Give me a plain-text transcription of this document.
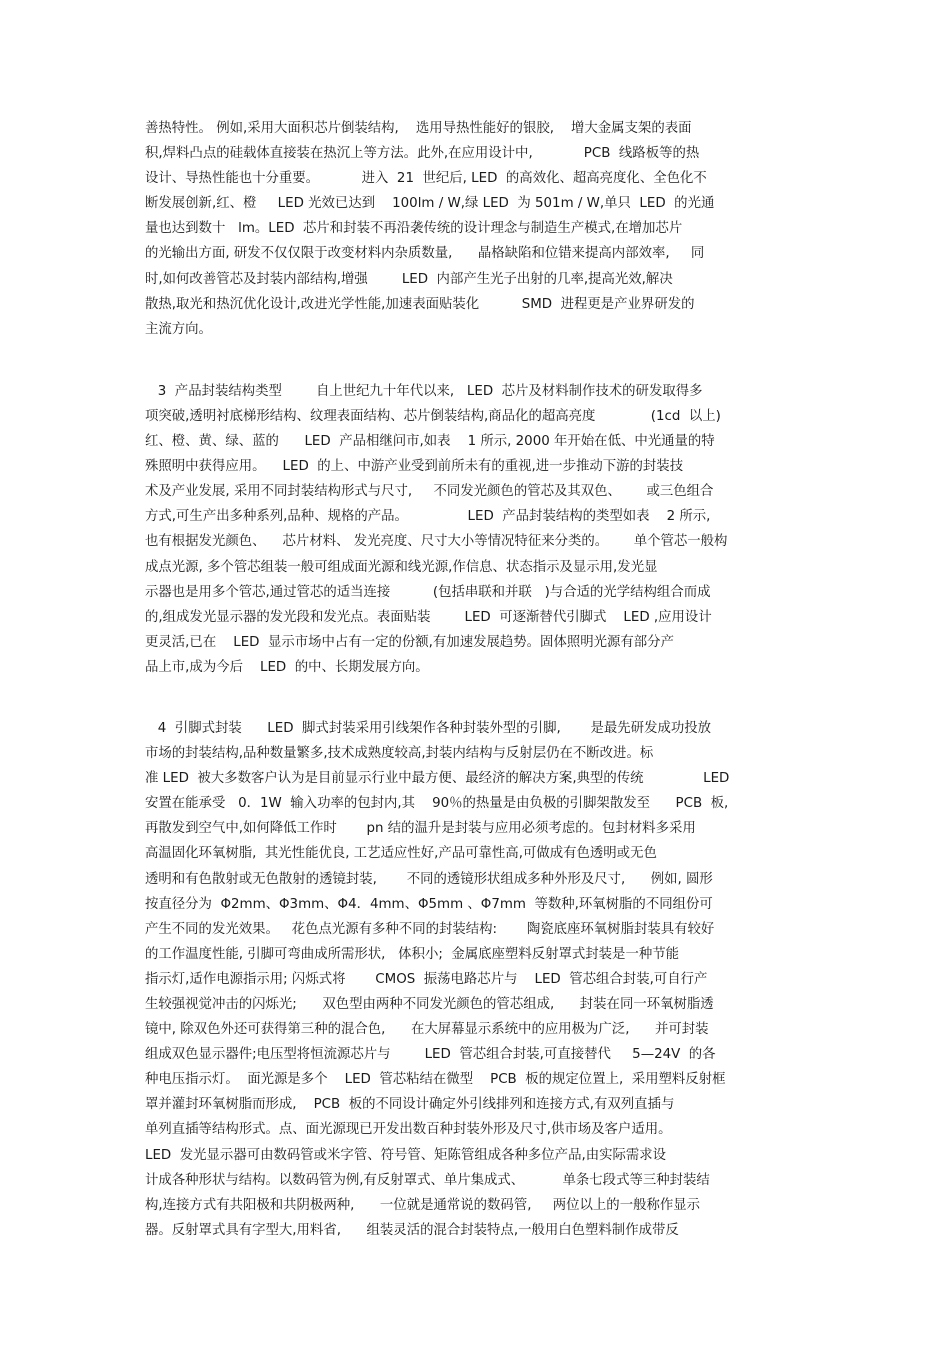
善热特性。 例如,采用大面积芯片倒装结构,    选用导热性能好的银胶,    增大金属支架的表面
积,焊料凸点的硅载体直接装在热沉上等方法。此外,在应用设计中,            PCB  线路板等的热
设计、导热性能也十分重要。          进入  21  世纪后, LED  的高效化、超高亮度化、全色化不
断发展创新,红、橙     LED 光效已达到    100lm / W,绿 LED  为 501m / W,单只  LED  的光通
量也达到数十   lm。LED  芯片和封装不再沿袭传统的设计理念与制造生产模式,在增加芯片
的光输出方面, 研发不仅仅限于改变材料内杂质数量,      晶格缺陷和位错来提高内部效率,     同
时,如何改善管芯及封装内部结构,增强        LED  内部产生光子出射的几率,提高光效,解决
散热,取光和热沉优化设计,改进光学性能,加速表面贴装化          SMD  进程更是产业界研发的
主流方向。
3  产品封装结构类型        自上世纪九十年代以来,   LED  芯片及材料制作技术的研发取得多
项突破,透明衬底梯形结构、纹理表面结构、芯片倒装结构,商品化的超高亮度             (1cd  以上)
红、橙、黄、绿、蓝的      LED  产品相继问市,如表    1 所示, 2000 年开始在低、中光通量的特
殊照明中获得应用。    LED  的上、中游产业受到前所未有的重视,进一步推动下游的封装技
术及产业发展, 采用不同封装结构形式与尺寸,     不同发光颜色的管芯及其双色、      或三色组合
方式,可生产出多种系列,品种、规格的产品。              LED  产品封装结构的类型如表    2 所示,
也有根据发光颜色、    芯片材料、 发光亮度、尺寸大小等情况特征来分类的。      单个管芯一般构
成点光源, 多个管芯组装一般可组成面光源和线光源,作信息、状态指示及显示用,发光显
示器也是用多个管芯,通过管芯的适当连接          (包括串联和并联   )与合适的光学结构组合而成
的,组成发光显示器的发光段和发光点。表面贴装        LED  可逐渐替代引脚式    LED ,应用设计
更灵活,已在    LED  显示市场中占有一定的份额,有加速发展趋势。固体照明光源有部分产
品上市,成为今后    LED  的中、长期发展方向。
4  引脚式封装      LED  脚式封装采用引线架作各种封装外型的引脚,       是最先研发成功投放
市场的封装结构,品种数量繁多,技术成熟度较高,封装内结构与反射层仍在不断改进。标
准 LED  被大多数客户认为是目前显示行业中最方便、最经济的解决方案,典型的传统              LED
安置在能承受   0．1W  输入功率的包封内,其    90％的热量是由负极的引脚架散发至      PCB  板,
再散发到空气中,如何降低工作时       pn 结的温升是封装与应用必须考虑的。包封材料多采用
高温固化环氧树脂,  其光性能优良, 工艺适应性好,产品可靠性高,可做成有色透明或无色
透明和有色散射或无色散射的透镜封装,       不同的透镜形状组成多种外形及尺寸,      例如, 圆形
按直径分为  Φ2mm、Φ3mm、Φ4．4mm、Φ5mm 、Φ7mm  等数种,环氧树脂的不同组份可
产生不同的发光效果。   花色点光源有多种不同的封装结构:       陶瓷底座环氧树脂封装具有较好
的工作温度性能, 引脚可弯曲成所需形状,   体积小;  金属底座塑料反射罩式封装是一种节能
指示灯,适作电源指示用; 闪烁式将       CMOS  振荡电路芯片与    LED  管芯组合封装,可自行产
生较强视觉冲击的闪烁光;      双色型由两种不同发光颜色的管芯组成,      封装在同一环氧树脂透
镜中, 除双色外还可获得第三种的混合色,      在大屏幕显示系统中的应用极为广泛,      并可封装
组成双色显示器件;电压型将恒流源芯片与        LED  管芯组合封装,可直接替代     5—24V  的各
种电压指示灯。  面光源是多个    LED  管芯粘结在微型    PCB  板的规定位置上,  采用塑料反射框
罩并灌封环氧树脂而形成,    PCB  板的不同设计确定外引线排列和连接方式,有双列直插与
单列直插等结构形式。点、面光源现已开发出数百种封装外形及尺寸,供市场及客户适用。
LED  发光显示器可由数码管或米字管、符号管、矩陈管组成各种多位产品,由实际需求设
计成各种形状与结构。以数码管为例,有反射罩式、单片集成式、         单条七段式等三种封装结
构,连接方式有共阳极和共阴极两种,      一位就是通常说的数码管,     两位以上的一般称作显示
器。反射罩式具有字型大,用料省,      组装灵活的混合封装特点,一般用白色塑料制作成带反
